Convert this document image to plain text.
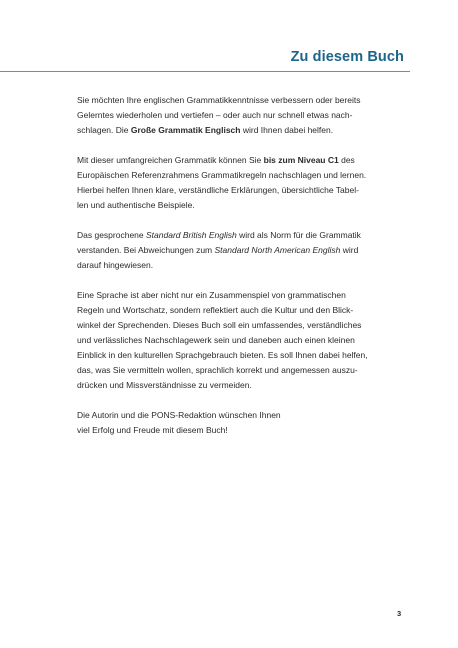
Zu diesem Buch
Sie möchten Ihre englischen Grammatikkenntnisse verbessern oder bereits
Gelerntes wiederholen und vertiefen – oder auch nur schnell etwas nach-
schlagen. Die Große Grammatik Englisch wird Ihnen dabei helfen.
Mit dieser umfangreichen Grammatik können Sie bis zum Niveau C1 des
Europäischen Referenzrahmens Grammatikregeln nachschlagen und lernen.
Hierbei helfen Ihnen klare, verständliche Erklärungen, übersichtliche Tabel-
len und authentische Beispiele.
Das gesprochene Standard British English wird als Norm für die Grammatik
verstanden. Bei Abweichungen zum Standard North American English wird
darauf hingewiesen.
Eine Sprache ist aber nicht nur ein Zusammenspiel von grammatischen
Regeln und Wortschatz, sondern reflektiert auch die Kultur und den Blick-
winkel der Sprechenden. Dieses Buch soll ein umfassendes, verständliches
und verlässliches Nachschlagewerk sein und daneben auch einen kleinen
Einblick in den kulturellen Sprachgebrauch bieten. Es soll Ihnen dabei helfen,
das, was Sie vermitteln wollen, sprachlich korrekt und angemessen auszu-
drücken und Missverständnisse zu vermeiden.
Die Autorin und die PONS-Redaktion wünschen Ihnen
viel Erfolg und Freude mit diesem Buch!
3
